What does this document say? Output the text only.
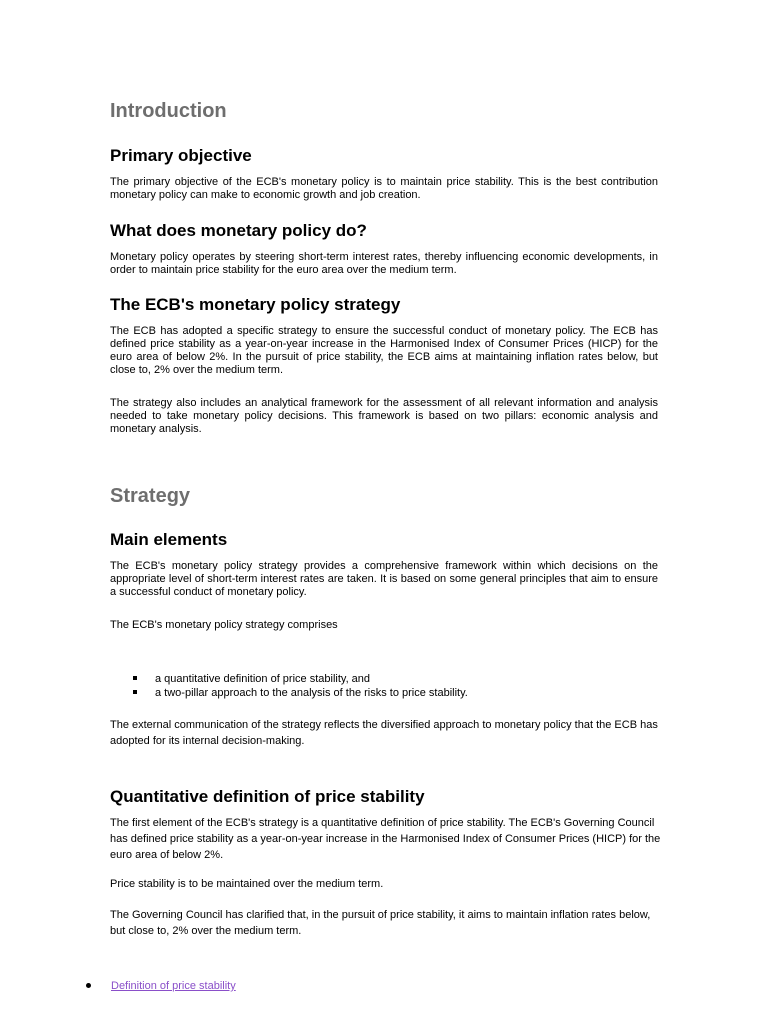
Introduction
Primary objective

The primary objective of the ECB's monetary policy is to maintain price stability. This is the best contribution monetary policy can make to economic growth and job creation.

What does monetary policy do?

Monetary policy operates by steering short-term interest rates, thereby influencing economic developments, in order to maintain price stability for the euro area over the medium term.

The ECB's monetary policy strategy

The ECB has adopted a specific strategy to ensure the successful conduct of monetary policy. The ECB has defined price stability as a year-on-year increase in the Harmonised Index of Consumer Prices (HICP) for the euro area of below 2%. In the pursuit of price stability, the ECB aims at maintaining inflation rates below, but close to, 2% over the medium term.

The strategy also includes an analytical framework for the assessment of all relevant information and analysis needed to take monetary policy decisions. This framework is based on two pillars: economic analysis and monetary analysis.

Strategy
Main elements

The ECB's monetary policy strategy provides a comprehensive framework within which decisions on the appropriate level of short-term interest rates are taken. It is based on some general principles that aim to ensure a successful conduct of monetary policy.

The ECB's monetary policy strategy comprises

a quantitative definition of price stability, and
a two-pillar approach to the analysis of the risks to price stability.

The external communication of the strategy reflects the diversified approach to monetary policy that the ECB has adopted for its internal decision-making.

Quantitative definition of price stability

The first element of the ECB's strategy is a quantitative definition of price stability. The ECB's Governing Council has defined price stability as a year-on-year increase in the Harmonised Index of Consumer Prices (HICP) for the euro area of below 2%.

Price stability is to be maintained over the medium term.

The Governing Council has clarified that, in the pursuit of price stability, it aims to maintain inflation rates below, but close to, 2% over the medium term.

Definition of price stability
